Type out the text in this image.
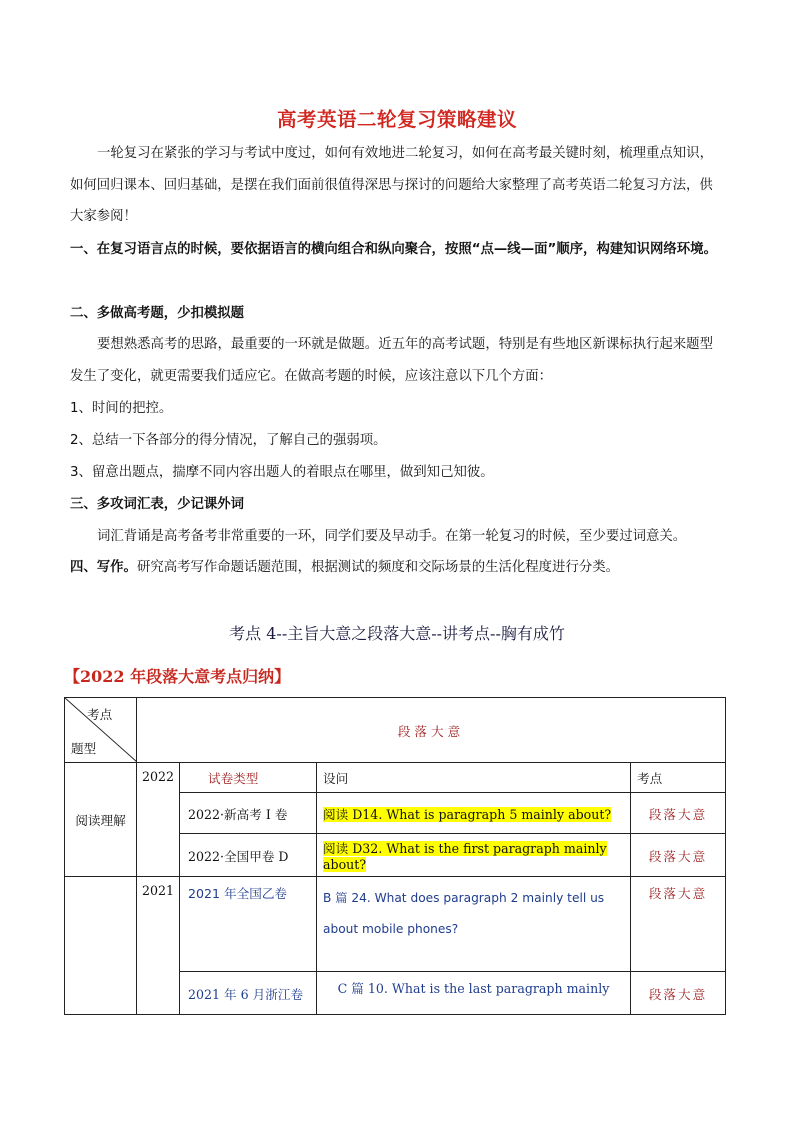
高考英语二轮复习策略建议
一轮复习在紧张的学习与考试中度过，如何有效地进二轮复习，如何在高考最关键时刻，梳理重点知识，如何回归课本、回归基础，是摆在我们面前很值得深思与探讨的问题给大家整理了高考英语二轮复习方法，供大家参阅！
一、在复习语言点的时候，要依据语言的横向组合和纵向聚合，按照“点—线—面”顺序，构建知识网络环境。
二、多做高考题，少扣模拟题
要想熟悉高考的思路，最重要的一环就是做题。近五年的高考试题，特别是有些地区新课标执行起来题型发生了变化，就更需要我们适应它。在做高考题的时候，应该注意以下几个方面：
1、时间的把控。
2、总结一下各部分的得分情况，了解自己的强弱项。
3、留意出题点，揣摩不同内容出题人的着眼点在哪里，做到知己知彼。
三、多攻词汇表，少记课外词
词汇背诵是高考备考非常重要的一环，同学们要及早动手。在第一轮复习的时候，至少要过词意关。
四、写作。研究高考写作命题话题范围，根据测试的频度和交际场景的生活化程度进行分类。
考点 4--主旨大意之段落大意--讲考点--胸有成竹
【2022 年段落大意考点归纳】
考点
题型	段落大意			
阅读理解	2022	试卷类型	设问	考点
		2022·新高考 I 卷	阅读 D14. What is paragraph 5 mainly about?	段落大意
		2022·全国甲卷 D	阅读 D32. What is the first paragraph mainly about?	段落大意
	2021	2021 年全国乙卷	B 篇 24. What does paragraph 2 mainly tell us about mobile phones?	段落大意
		2021 年 6 月浙江卷	C 篇 10. What is the last paragraph mainly	段落大意
